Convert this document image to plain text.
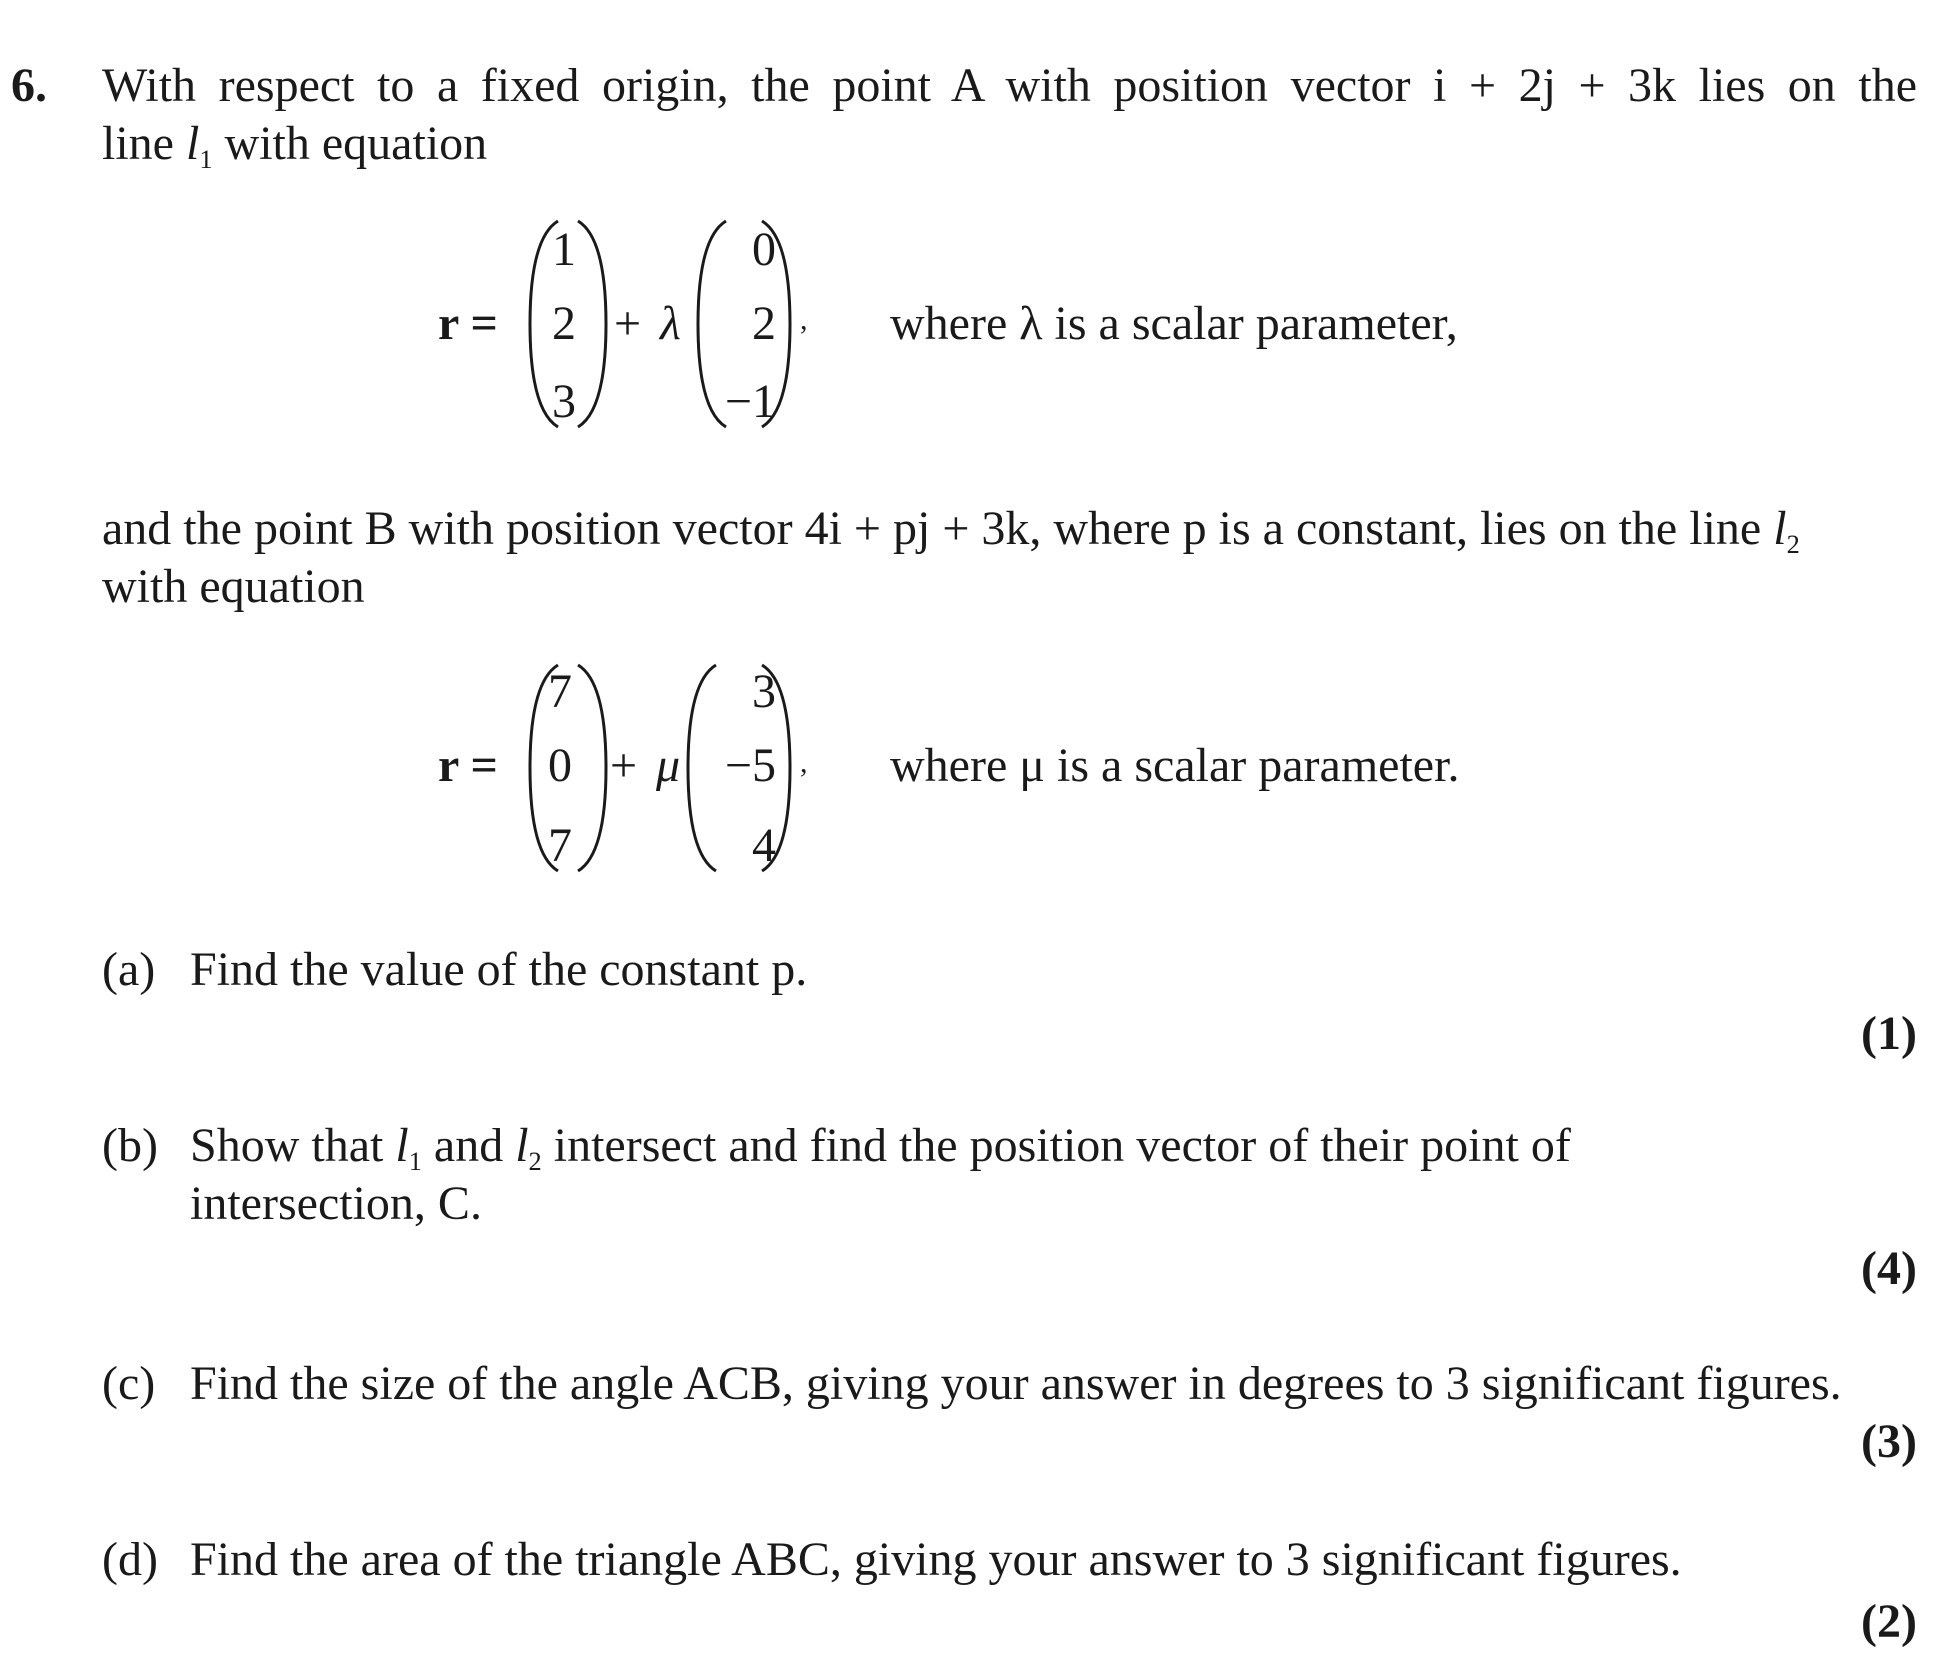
6. With respect to a fixed origin, the point A with position vector i + 2j + 3k lies on the
line l1 with equation
r =
1
2
3
+ λ
0
2
−1
, where λ is a scalar parameter,
and the point B with position vector 4i + pj + 3k, where p is a constant, lies on the line l2
with equation
r =
7
0
7
+ μ
3
−5
4
, where μ is a scalar parameter.
(a) Find the value of the constant p.
(1)
(b) Show that l1 and l2 intersect and find the position vector of their point of
intersection, C.
(4)
(c) Find the size of the angle ACB, giving your answer in degrees to 3 significant figures.
(3)
(d) Find the area of the triangle ABC, giving your answer to 3 significant figures.
(2)
